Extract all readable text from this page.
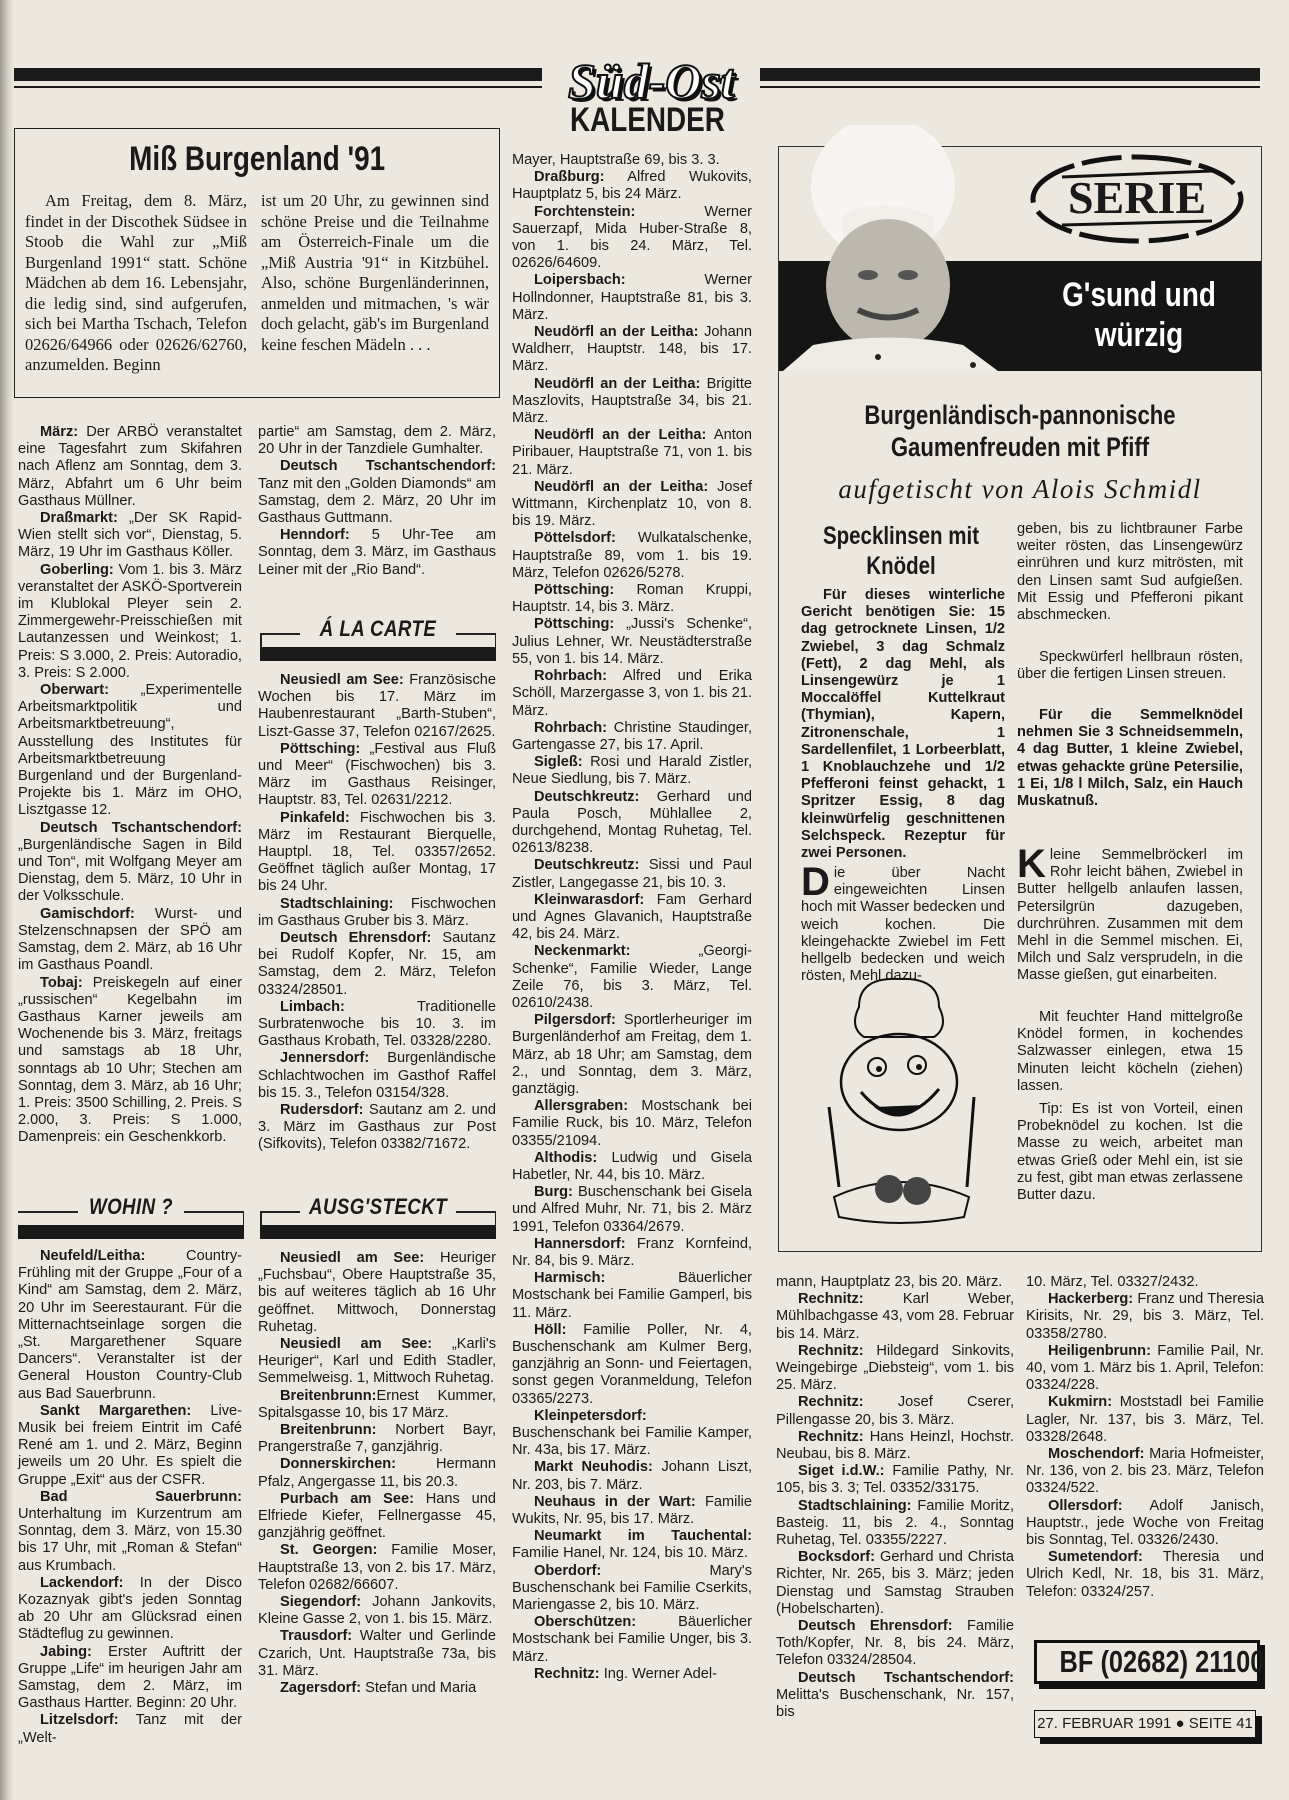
Süd-Ost
KALENDER
Miß Burgenland '91
Am Freitag, dem 8. März, findet in der Discothek Südsee in Stoob die Wahl zur „Miß Burgenland 1991“ statt. Schöne Mädchen ab dem 16. Lebensjahr, die ledig sind, sind aufgerufen, sich bei Martha Tschach, Telefon 02626/64966 oder 02626/62760, anzumelden. Beginn
ist um 20 Uhr, zu gewinnen sind schöne Preise und die Teilnahme am Österreich-Finale um die „Miß Austria '91“ in Kitzbühel. Also, schöne Burgenländerinnen, anmelden und mitmachen, 's wär doch gelacht, gäb's im Burgenland keine feschen Mädeln . . .

März: Der ARBÖ veranstaltet eine Tagesfahrt zum Skifahren nach Aflenz am Sonntag, dem 3. März, Abfahrt um 6 Uhr beim Gasthaus Müllner.

Draßmarkt: „Der SK Rapid-Wien stellt sich vor“, Dienstag, 5. März, 19 Uhr im Gasthaus Köller.

Goberling: Vom 1. bis 3. März veranstaltet der ASKÖ-Sportverein im Klublokal Pleyer sein 2. Zimmergewehr-Preisschießen mit Lautanzessen und Weinkost; 1. Preis: S 3.000, 2. Preis: Autoradio, 3. Preis: S 2.000.

Oberwart: „Experimentelle Arbeitsmarktpolitik und Arbeitsmarktbetreuung“, Ausstellung des Institutes für Arbeitsmarktbetreuung Burgenland und der Burgenland-Projekte bis 1. März im OHO, Lisztgasse 12.

Deutsch Tschantschendorf: „Burgenländische Sagen in Bild und Ton“, mit Wolfgang Meyer am Dienstag, dem 5. März, 10 Uhr in der Volksschule.

Gamischdorf: Wurst- und Stelzenschnapsen der SPÖ am Samstag, dem 2. März, ab 16 Uhr im Gasthaus Poandl.

Tobaj: Preiskegeln auf einer „russischen“ Kegelbahn im Gasthaus Karner jeweils am Wochenende bis 3. März, freitags und samstags ab 18 Uhr, sonntags ab 10 Uhr; Stechen am Sonntag, dem 3. März, ab 16 Uhr; 1. Preis: 3500 Schilling, 2. Preis. S 2.000, 3. Preis: S 1.000, Damenpreis: ein Geschenkkorb.

WOHIN ?

Neufeld/Leitha: Country-Frühling mit der Gruppe „Four of a Kind“ am Samstag, dem 2. März, 20 Uhr im Seerestaurant. Für die Mitternachtseinlage sorgen die „St. Margarethener Square Dancers“. Veranstalter ist der General Houston Country-Club aus Bad Sauerbrunn.

Sankt Margarethen: Live-Musik bei freiem Eintrit im Café René am 1. und 2. März, Beginn jeweils um 20 Uhr. Es spielt die Gruppe „Exit“ aus der CSFR.

Bad Sauerbrunn: Unterhaltung im Kurzentrum am Sonntag, dem 3. März, von 15.30 bis 17 Uhr, mit „Roman & Stefan“ aus Krumbach.

Lackendorf: In der Disco Kozaznyak gibt's jeden Sonntag ab 20 Uhr am Glücksrad einen Städteflug zu gewinnen.

Jabing: Erster Auftritt der Gruppe „Life“ im heurigen Jahr am Samstag, dem 2. März, im Gasthaus Hartter. Beginn: 20 Uhr.

Litzelsdorf: Tanz mit der „Welt-

partie“ am Samstag, dem 2. März, 20 Uhr in der Tanzdiele Gumhalter.

Deutsch Tschantschendorf: Tanz mit den „Golden Diamonds“ am Samstag, dem 2. März, 20 Uhr im Gasthaus Guttmann.

Henndorf: 5 Uhr-Tee am Sonntag, dem 3. März, im Gasthaus Leiner mit der „Rio Band“.

Á LA CARTE

Neusiedl am See: Französische Wochen bis 17. März im Haubenrestaurant „Barth-Stuben“, Liszt-Gasse 37, Telefon 02167/2625.

Pöttsching: „Festival aus Fluß und Meer“ (Fischwochen) bis 3. März im Gasthaus Reisinger, Hauptstr. 83, Tel. 02631/2212.

Pinkafeld: Fischwochen bis 3. März im Restaurant Bierquelle, Hauptpl. 18, Tel. 03357/2652. Geöffnet täglich außer Montag, 17 bis 24 Uhr.

Stadtschlaining: Fischwochen im Gasthaus Gruber bis 3. März.

Deutsch Ehrensdorf: Sautanz bei Rudolf Kopfer, Nr. 15, am Samstag, dem 2. März, Telefon 03324/28501.

Limbach: Traditionelle Surbratenwoche bis 10. 3. im Gasthaus Krobath, Tel. 03328/2280.

Jennersdorf: Burgenländische Schlachtwochen im Gasthof Raffel bis 15. 3., Telefon 03154/328.

Rudersdorf: Sautanz am 2. und 3. März im Gasthaus zur Post (Sifkovits), Telefon 03382/71672.

AUSG'STECKT

Neusiedl am See: Heuriger „Fuchsbau“, Obere Hauptstraße 35, bis auf weiteres täglich ab 16 Uhr geöffnet. Mittwoch, Donnerstag Ruhetag.

Neusiedl am See: „Karli's Heuriger“, Karl und Edith Stadler, Semmelweisg. 1, Mittwoch Ruhetag.

Breitenbrunn:Ernest Kummer, Spitalsgasse 10, bis 17 März.

Breitenbrunn: Norbert Bayr, Prangerstraße 7, ganzjährig.

Donnerskirchen: Hermann Pfalz, Angergasse 11, bis 20.3.

Purbach am See: Hans und Elfriede Kiefer, Fellnergasse 45, ganzjährig geöffnet.

St. Georgen: Familie Moser, Hauptstraße 13, von 2. bis 17. März, Telefon 02682/66607.

Siegendorf: Johann Jankovits, Kleine Gasse 2, von 1. bis 15. März.

Trausdorf: Walter und Gerlinde Czarich, Unt. Hauptstraße 73a, bis 31. März.

Zagersdorf: Stefan und Maria

Mayer, Hauptstraße 69, bis 3. 3.

Draßburg: Alfred Wukovits, Hauptplatz 5, bis 24 März.

Forchtenstein: Werner Sauerzapf, Mida Huber-Straße 8, von 1. bis 24. März, Tel. 02626/64609.

Loipersbach: Werner Hollndonner, Hauptstraße 81, bis 3. März.

Neudörfl an der Leitha: Johann Waldherr, Hauptstr. 148, bis 17. März.

Neudörfl an der Leitha: Brigitte Maszlovits, Hauptstraße 34, bis 21. März.

Neudörfl an der Leitha: Anton Piribauer, Hauptstraße 71, von 1. bis 21. März.

Neudörfl an der Leitha: Josef Wittmann, Kirchenplatz 10, von 8. bis 19. März.

Pöttelsdorf: Wulkatalschenke, Hauptstraße 89, vom 1. bis 19. März, Telefon 02626/5278.

Pöttsching: Roman Kruppi, Hauptstr. 14, bis 3. März.

Pöttsching: „Jussi's Schenke“, Julius Lehner, Wr. Neustädterstraße 55, von 1. bis 14. März.

Rohrbach: Alfred und Erika Schöll, Marzergasse 3, von 1. bis 21. März.

Rohrbach: Christine Staudinger, Gartengasse 27, bis 17. April.

Sigleß: Rosi und Harald Zistler, Neue Siedlung, bis 7. März.

Deutschkreutz: Gerhard und Paula Posch, Mühlallee 2, durchgehend, Montag Ruhetag, Tel. 02613/8238.

Deutschkreutz: Sissi und Paul Zistler, Langegasse 21, bis 10. 3.

Kleinwarasdorf: Fam Gerhard und Agnes Glavanich, Hauptstraße 42, bis 24. März.

Neckenmarkt: „Georgi-Schenke“, Familie Wieder, Lange Zeile 76, bis 3. März, Tel. 02610/2438.

Pilgersdorf: Sportlerheuriger im Burgenländerhof am Freitag, dem 1. März, ab 18 Uhr; am Samstag, dem 2., und Sonntag, dem 3. März, ganztägig.

Allersgraben: Mostschank bei Familie Ruck, bis 10. März, Telefon 03355/21094.

Althodis: Ludwig und Gisela Habetler, Nr. 44, bis 10. März.

Burg: Buschenschank bei Gisela und Alfred Muhr, Nr. 71, bis 2. März 1991, Telefon 03364/2679.

Hannersdorf: Franz Kornfeind, Nr. 84, bis 9. März.

Harmisch: Bäuerlicher Mostschank bei Familie Gamperl, bis 11. März.

Höll: Familie Poller, Nr. 4, Buschenschank am Kulmer Berg, ganzjährig an Sonn- und Feiertagen, sonst gegen Voranmeldung, Telefon 03365/2273.

Kleinpetersdorf: Buschenschank bei Familie Kamper, Nr. 43a, bis 17. März.

Markt Neuhodis: Johann Liszt, Nr. 203, bis 7. März.

Neuhaus in der Wart: Familie Wukits, Nr. 95, bis 17. März.

Neumarkt im Tauchental: Familie Hanel, Nr. 124, bis 10. März.

Oberdorf: Mary's Buschenschank bei Familie Cserkits, Mariengasse 2, bis 10. März.

Oberschützen: Bäuerlicher Mostschank bei Familie Unger, bis 3. März.

Rechnitz: Ing. Werner Adel-

SERIE
G'sund und würzig
Burgenländisch-pannonische Gaumenfreuden mit Pfiff
aufgetischt von Alois Schmidl
Specklinsen mit Knödel
Für dieses winterliche Gericht benötigen Sie: 15 dag getrocknete Linsen, 1/2 Zwiebel, 3 dag Schmalz (Fett), 2 dag Mehl, als Linsengewürz je 1 Moccalöffel Kuttelkraut (Thymian), Kapern, Zitronenschale, 1 Sardellenfilet, 1 Lorbeerblatt, 1 Knoblauchzehe und 1/2 Pfefferoni feinst gehackt, 1 Spritzer Essig, 8 dag kleinwürfelig geschnittenen Selchspeck. Rezeptur für zwei Personen.
Die über Nacht eingeweichten Linsen hoch mit Wasser bedecken und weich kochen. Die kleingehackte Zwiebel im Fett hellgelb bedecken und weich rösten, Mehl dazu-
geben, bis zu lichtbrauner Farbe weiter rösten, das Linsengewürz einrühren und kurz mitrösten, mit den Linsen samt Sud aufgießen. Mit Essig und Pfefferoni pikant abschmecken.
Speckwürferl hellbraun rösten, über die fertigen Linsen streuen.
Für die Semmelknödel nehmen Sie 3 Schneidsemmeln, 4 dag Butter, 1 kleine Zwiebel, etwas gehackte grüne Petersilie, 1 Ei, 1/8 l Milch, Salz, ein Hauch Muskatnuß.
Kleine Semmelbröckerl im Rohr leicht bähen, Zwiebel in Butter hellgelb anlaufen lassen, Petersilgrün dazugeben, durchrühren. Zusammen mit dem Mehl in die Semmel mischen. Ei, Milch und Salz versprudeln, in die Masse gießen, gut einarbeiten.
Mit feuchter Hand mittelgroße Knödel formen, in kochendes Salzwasser einlegen, etwa 15 Minuten leicht köcheln (ziehen) lassen.
Tip: Es ist von Vorteil, einen Probeknödel zu kochen. Ist die Masse zu weich, arbeitet man etwas Grieß oder Mehl ein, ist sie zu fest, gibt man etwas zerlassene Butter dazu.

mann, Hauptplatz 23, bis 20. März.

Rechnitz: Karl Weber, Mühlbachgasse 43, vom 28. Februar bis 14. März.

Rechnitz: Hildegard Sinkovits, Weingebirge „Diebsteig“, vom 1. bis 25. März.

Rechnitz: Josef Cserer, Pillengasse 20, bis 3. März.

Rechnitz: Hans Heinzl, Hochstr. Neubau, bis 8. März.

Siget i.d.W.: Familie Pathy, Nr. 105, bis 3. 3; Tel. 03352/33175.

Stadtschlaining: Familie Moritz, Basteig. 11, bis 2. 4., Sonntag Ruhetag, Tel. 03355/2227.

Bocksdorf: Gerhard und Christa Richter, Nr. 265, bis 3. März; jeden Dienstag und Samstag Strauben (Hobelscharten).

Deutsch Ehrensdorf: Familie Toth/Kopfer, Nr. 8, bis 24. März, Telefon 03324/28504.

Deutsch Tschantschendorf: Melitta's Buschenschank, Nr. 157, bis

10. März, Tel. 03327/2432.

Hackerberg: Franz und Theresia Kirisits, Nr. 29, bis 3. März, Tel. 03358/2780.

Heiligenbrunn: Familie Pail, Nr. 40, vom 1. März bis 1. April, Telefon: 03324/228.

Kukmirn: Moststadl bei Familie Lagler, Nr. 137, bis 3. März, Tel. 03328/2648.

Moschendorf: Maria Hofmeister, Nr. 136, von 2. bis 23. März, Telefon 03324/522.

Ollersdorf: Adolf Janisch, Hauptstr., jede Woche von Freitag bis Sonntag, Tel. 03326/2430.

Sumetendorf: Theresia und Ulrich Kedl, Nr. 18, bis 31. März, Telefon: 03324/257.

BF (02682) 21100
27. FEBRUAR 1991 ● SEITE 41
